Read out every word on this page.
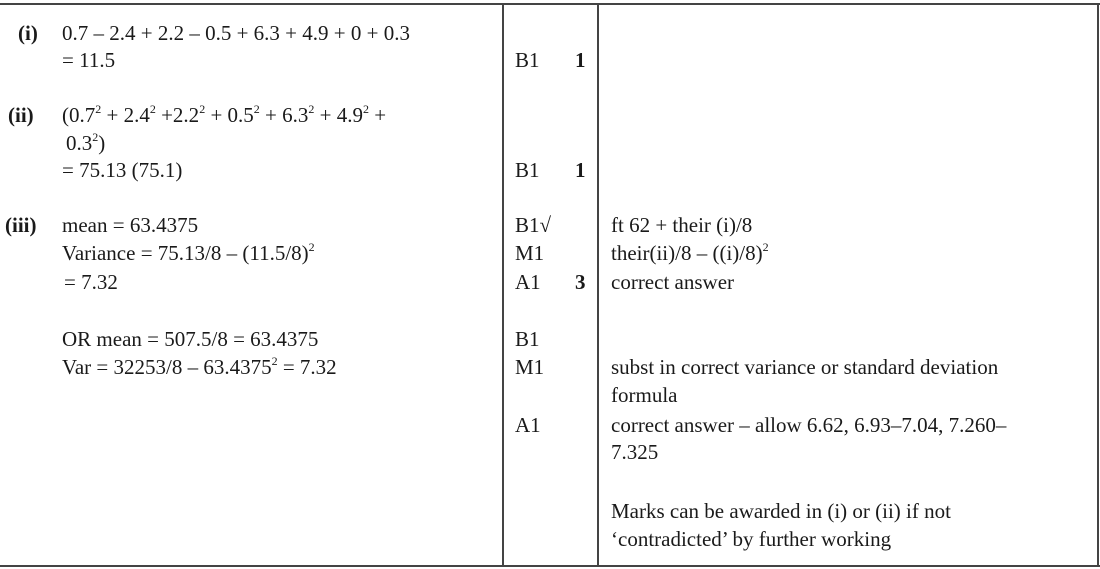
(i) 0.7 – 2.4 + 2.2 – 0.5 + 6.3 + 4.9 + 0 + 0.3
= 11.5
(ii) ($0.7^2 + 2.4^2 +2.2^2 + 0.5^2 + 6.3^2 + 4.9^2$ +
$0.3^2$)
= 75.13 (75.1)
(iii) mean = 63.4375
Variance = $75.13/8 - (11.5/8)^2$
= 7.32
OR mean = 507.5/8 = 63.4375
Var = $32253/8 - 63.4375^2 = 7.32$
B1 1
B1 1
B1√
M1
A1 3
B1
M1
A1
ft 62 + their (i)/8
their(ii)/8 – $((i)/8)^2$
correct answer
subst in correct variance or standard deviation
formula
correct answer – allow 6.62, 6.93–7.04, 7.260–
7.325
Marks can be awarded in (i) or (ii) if not
‘contradicted’ by further working
